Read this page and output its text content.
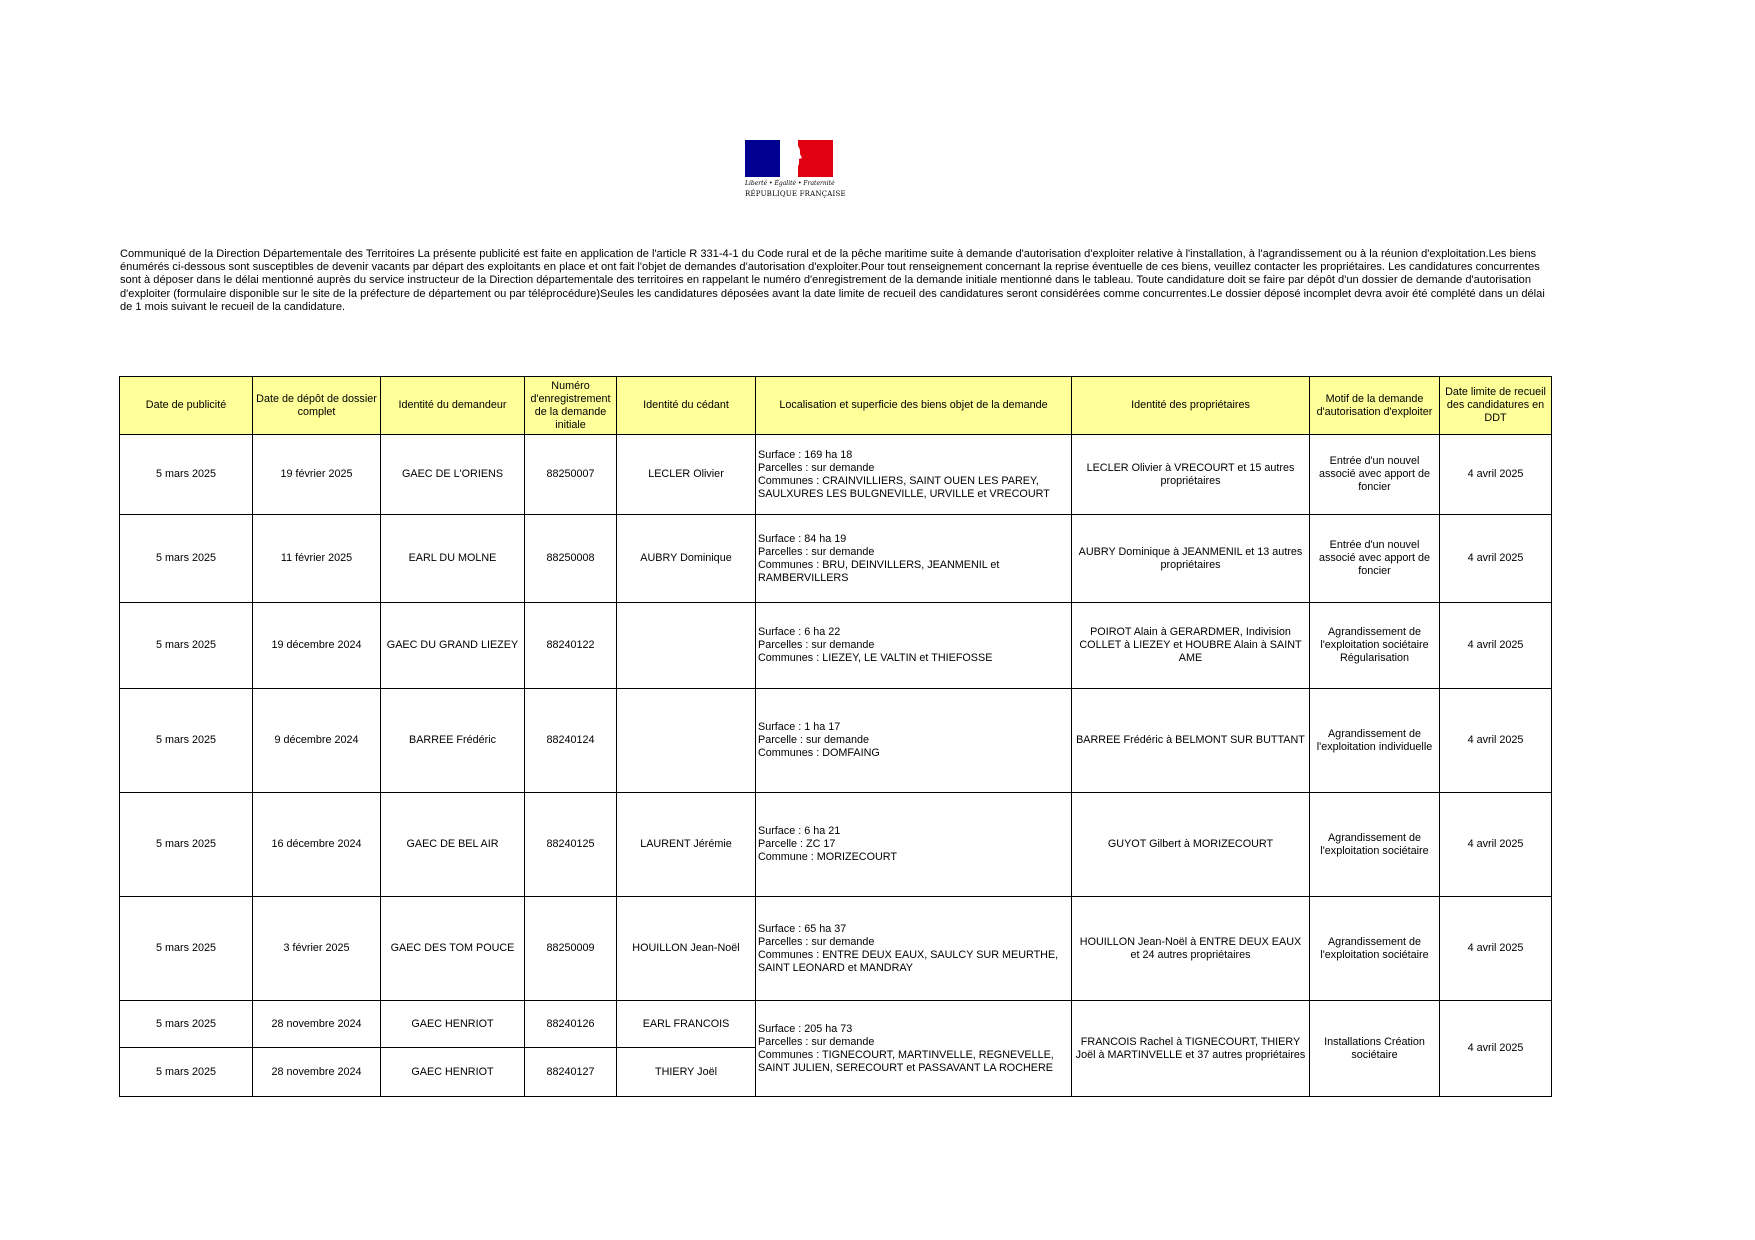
Liberté • Égalité • Fraternité
RÉPUBLIQUE FRANÇAISE
Communiqué de la Direction Départementale des Territoires La présente publicité est faite en application de l'article R 331-4-1 du Code rural et de la pêche maritime suite à demande d'autorisation d'exploiter relative à l'installation, à l'agrandissement ou à la réunion d'exploitation.Les biens énumérés ci-dessous sont susceptibles de devenir vacants par départ des exploitants en place et ont fait l'objet de demandes d'autorisation d'exploiter.Pour tout renseignement concernant la reprise éventuelle de ces biens, veuillez contacter les propriétaires. Les candidatures concurrentes sont à déposer dans le délai mentionné auprès du service instructeur de la Direction départementale des territoires en rappelant le numéro d'enregistrement de la demande initiale mentionné dans le tableau. Toute candidature doit se faire par dépôt d'un dossier de demande d'autorisation d'exploiter (formulaire disponible sur le site de la préfecture de département ou par téléprocédure)Seules les candidatures déposées avant la date limite de recueil des candidatures seront considérées comme concurrentes.Le dossier déposé incomplet devra avoir été complété dans un délai de 1 mois suivant le recueil de la candidature.
Date de publicité	Date de dépôt de dossier complet	Identité du demandeur	Numéro d'enregistrement de la demande initiale	Identité du cédant	Localisation et superficie des biens objet de la demande	Identité des propriétaires	Motif de la demande d'autorisation d'exploiter	Date limite de recueil des candidatures en DDT
5 mars 2025	19 février 2025	GAEC DE L'ORIENS	88250007	LECLER Olivier	Surface : 169 ha 18
Parcelles : sur demande
Communes : CRAINVILLIERS, SAINT OUEN LES PAREY, SAULXURES LES BULGNEVILLE, URVILLE et VRECOURT	LECLER Olivier à VRECOURT et 15 autres propriétaires	Entrée d'un nouvel associé avec apport de foncier	4 avril 2025
5 mars 2025	11 février 2025	EARL DU MOLNE	88250008	AUBRY Dominique	Surface : 84 ha 19
Parcelles : sur demande
Communes : BRU, DEINVILLERS, JEANMENIL et RAMBERVILLERS	AUBRY Dominique à JEANMENIL et 13 autres propriétaires	Entrée d'un nouvel associé avec apport de foncier	4 avril 2025
5 mars 2025	19 décembre 2024	GAEC DU GRAND LIEZEY	88240122		Surface : 6 ha 22
Parcelles : sur demande
Communes : LIEZEY, LE VALTIN et THIEFOSSE	POIROT Alain à GERARDMER, Indivision COLLET à LIEZEY et HOUBRE Alain à SAINT AME	Agrandissement de l'exploitation sociétaire Régularisation	4 avril 2025
5 mars 2025	9 décembre 2024	BARREE Frédéric	88240124		Surface : 1 ha 17
Parcelle : sur demande
Communes : DOMFAING	BARREE Frédéric à BELMONT SUR BUTTANT	Agrandissement de l'exploitation individuelle	4 avril 2025
5 mars 2025	16 décembre 2024	GAEC DE BEL AIR	88240125	LAURENT Jérémie	Surface : 6 ha 21
Parcelle : ZC 17
Commune : MORIZECOURT	GUYOT Gilbert à MORIZECOURT	Agrandissement de l'exploitation sociétaire	4 avril 2025
5 mars 2025	3 février 2025	GAEC DES TOM POUCE	88250009	HOUILLON Jean-Noël	Surface : 65 ha 37
Parcelles : sur demande
Communes : ENTRE DEUX EAUX, SAULCY SUR MEURTHE, SAINT LEONARD et MANDRAY	HOUILLON Jean-Noël à ENTRE DEUX EAUX et 24 autres propriétaires	Agrandissement de l'exploitation sociétaire	4 avril 2025
5 mars 2025	28 novembre 2024	GAEC HENRIOT	88240126	EARL FRANCOIS	Surface : 205 ha 73
Parcelles : sur demande
Communes : TIGNECOURT, MARTINVELLE, REGNEVELLE, SAINT JULIEN, SERECOURT et PASSAVANT LA ROCHERE	FRANCOIS Rachel à TIGNECOURT, THIERY Joël à MARTINVELLE et 37 autres propriétaires	Installations Création sociétaire	4 avril 2025
5 mars 2025	28 novembre 2024	GAEC HENRIOT	88240127	THIERY Joël				
